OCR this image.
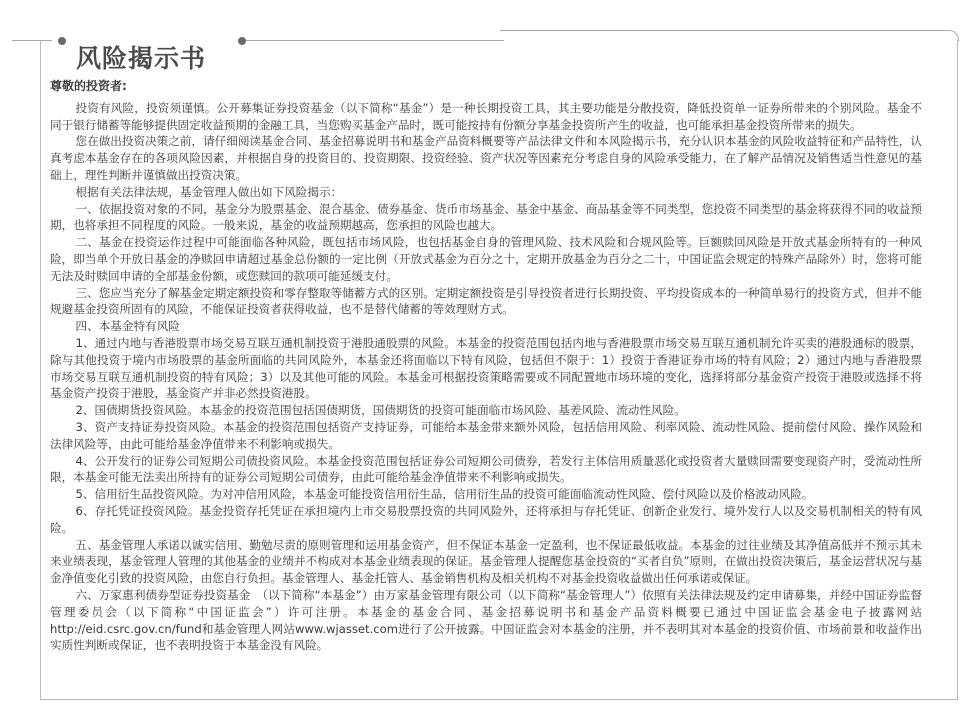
风险揭示书

尊敬的投资者:

投资有风险，投资须谨慎。公开募集证券投资基金（以下简称“基金”）是一种长期投资工具，其主要功能是分散投资，降低投资单一证券所带来的个别风险。基金不同于银行储蓄等能够提供固定收益预期的金融工具，当您购买基金产品时，既可能按持有份额分享基金投资所产生的收益，也可能承担基金投资所带来的损失。

您在做出投资决策之前，请仔细阅读基金合同、基金招募说明书和基金产品资料概要等产品法律文件和本风险揭示书，充分认识本基金的风险收益特征和产品特性，认真考虑本基金存在的各项风险因素，并根据自身的投资目的、投资期限、投资经验、资产状况等因素充分考虑自身的风险承受能力，在了解产品情况及销售适当性意见的基础上，理性判断并谨慎做出投资决策。

根据有关法律法规，基金管理人做出如下风险揭示：

一、依据投资对象的不同，基金分为股票基金、混合基金、债券基金、货币市场基金、基金中基金、商品基金等不同类型，您投资不同类型的基金将获得不同的收益预期，也将承担不同程度的风险。一般来说，基金的收益预期越高，您承担的风险也越大。

二、基金在投资运作过程中可能面临各种风险，既包括市场风险，也包括基金自身的管理风险、技术风险和合规风险等。巨额赎回风险是开放式基金所特有的一种风险，即当单个开放日基金的净赎回申请超过基金总份额的一定比例（开放式基金为百分之十，定期开放基金为百分之二十，中国证监会规定的特殊产品除外）时，您将可能无法及时赎回申请的全部基金份额，或您赎回的款项可能延缓支付。

三、您应当充分了解基金定期定额投资和零存整取等储蓄方式的区别。定期定额投资是引导投资者进行长期投资、平均投资成本的一种简单易行的投资方式，但并不能规避基金投资所固有的风险，不能保证投资者获得收益，也不是替代储蓄的等效理财方式。

四、本基金特有风险

1、通过内地与香港股票市场交易互联互通机制投资于港股通股票的风险。本基金的投资范围包括内地与香港股票市场交易互联互通机制允许买卖的港股通标的股票，除与其他投资于境内市场股票的基金所面临的共同风险外，本基金还将面临以下特有风险，包括但不限于：1）投资于香港证券市场的特有风险；2）通过内地与香港股票市场交易互联互通机制投资的特有风险；3）以及其他可能的风险。本基金可根据投资策略需要或不同配置地市场环境的变化，选择将部分基金资产投资于港股或选择不将基金资产投资于港股，基金资产并非必然投资港股。

2、国债期货投资风险。本基金的投资范围包括国债期货，国债期货的投资可能面临市场风险、基差风险、流动性风险。

3、资产支持证券投资风险。本基金的投资范围包括资产支持证券，可能给本基金带来额外风险，包括信用风险、利率风险、流动性风险、提前偿付风险、操作风险和法律风险等，由此可能给基金净值带来不利影响或损失。

4、公开发行的证券公司短期公司债投资风险。本基金投资范围包括证券公司短期公司债券，若发行主体信用质量恶化或投资者大量赎回需要变现资产时，受流动性所限，本基金可能无法卖出所持有的证券公司短期公司债券，由此可能给基金净值带来不利影响或损失。

5、信用衍生品投资风险。为对冲信用风险，本基金可能投资信用衍生品，信用衍生品的投资可能面临流动性风险、偿付风险以及价格波动风险。

6、存托凭证投资风险。基金投资存托凭证在承担境内上市交易股票投资的共同风险外，还将承担与存托凭证、创新企业发行、境外发行人以及交易机制相关的特有风险。

五、基金管理人承诺以诚实信用、勤勉尽责的原则管理和运用基金资产，但不保证本基金一定盈利，也不保证最低收益。本基金的过往业绩及其净值高低并不预示其未来业绩表现，基金管理人管理的其他基金的业绩并不构成对本基金业绩表现的保证。基金管理人提醒您基金投资的“买者自负”原则，在做出投资决策后，基金运营状况与基金净值变化引致的投资风险，由您自行负担。基金管理人、基金托管人、基金销售机构及相关机构不对基金投资收益做出任何承诺或保证。

六、万家惠利债券型证券投资基金　（以下简称“本基金”）由万家基金管理有限公司（以下简称“基金管理人”）依照有关法律法规及约定申请募集，并经中国证券监督管理委员会（以下简称“中国证监会”）许可注册。本基金的基金合同、基金招募说明书和基金产品资料概要已通过中国证监会基金电子披露网站http://eid.csrc.gov.cn/fund和基金管理人网站www.wjasset.com进行了公开披露。中国证监会对本基金的注册，并不表明其对本基金的投资价值、市场前景和收益作出实质性判断或保证，也不表明投资于本基金没有风险。
